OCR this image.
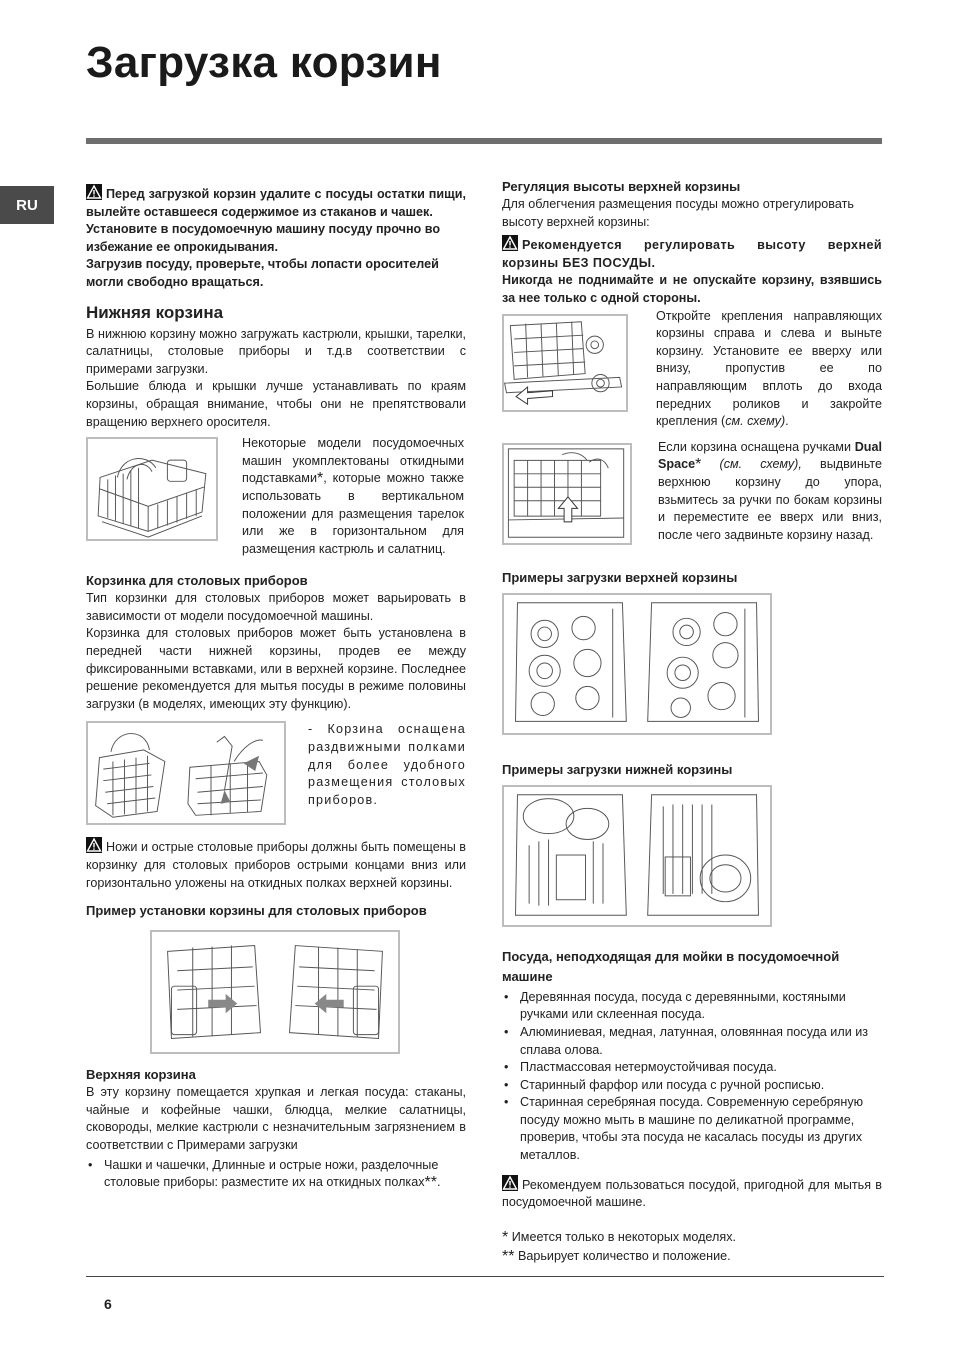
Загрузка корзин
RU

Перед загрузкой корзин удалите с посуды остатки пищи, вылейте оставшееся содержимое из стаканов и чашек.

Установите в посудомоечную машину посуду прочно во избежание ее опрокидывания.

Загрузив посуду, проверьте, чтобы лопасти оросителей могли свободно вращаться.

Нижняя корзина

В нижнюю корзину можно загружать кастрюли, крышки, тарелки, салатницы, столовые приборы и т.д.в соответствии с примерами загрузки.

Большие блюда и крышки лучше устанавливать по краям корзины, обращая внимание, чтобы они не препятствовали вращению верхнего оросителя.

Некоторые модели посудомоечных машин укомплектованы откидными подставками*, которые можно также использовать в вертикальном положении для размещения тарелок или же в горизонтальном для размещения кастрюль и салатниц.

Корзинка для столовых приборов

Тип корзинки для столовых приборов может варьировать в зависимости от модели посудомоечной машины.

Корзинка для столовых приборов может быть установлена в передней части нижней корзины, продев ее между фиксированными вставками, или в верхней корзине. Последнее решение рекомендуется для мытья посуды в режиме половины загрузки (в моделях, имеющих эту функцию).

- Корзина оснащена раздвижными полками для более удобного размещения столовых приборов.

Ножи и острые столовые приборы должны быть помещены в корзинку для столовых приборов острыми концами вниз или горизонтально уложены на откидных полках верхней корзины.

Пример установки корзины для столовых приборов
Верхняя корзина

В эту корзину помещается хрупкая и легкая посуда: стаканы, чайные и кофейные чашки, блюдца, мелкие салатницы, сковороды, мелкие кастрюли с незначительным загрязнением в соответствии с Примерами загрузки

• Чашки и чашечки, Длинные и острые ножи, разделочные столовые приборы: разместите их на откидных полках**.
Регуляция высоты верхней корзины

Для облегчения размещения посуды можно отрегулировать высоту верхней корзины:

Рекомендуется регулировать высоту верхней корзины БЕЗ ПОСУДЫ.

Никогда не поднимайте и не опускайте корзину, взявшись за нее только с одной стороны.

Откройте крепления направляющих корзины справа и слева и выньте корзину. Установите ее вверху или внизу, пропустив ее по направляющим вплоть до входа передних роликов и закройте крепления (см. схему).

Если корзина оснащена ручками Dual Space* (см. схему), выдвиньте верхнюю корзину до упора, взьмитесь за ручки по бокам корзины и переместите ее вверх или вниз, после чего задвиньте корзину назад.

Примеры загрузки верхней корзины
Примеры загрузки нижней корзины
Посуда, неподходящая для мойки в посудомоечной машине
• Деревянная посуда, посуда с деревянными, костяными ручками или склеенная посуда.
• Алюминиевая, медная, латунная, оловянная посуда или из сплава олова.
• Пластмассовая нетермоустойчивая посуда.
• Старинный фарфор или посуда с ручной росписью.
• Старинная серебряная посуда. Современную серебряную посуду можно мыть в машине по деликатной программе, проверив, чтобы эта посуда не касалась посуды из других металлов.

Рекомендуем пользоваться посудой, пригодной для мытья в посудомоечной машине.

* Имеется только в некоторых моделях.

** Варьирует количество и положение.

6
